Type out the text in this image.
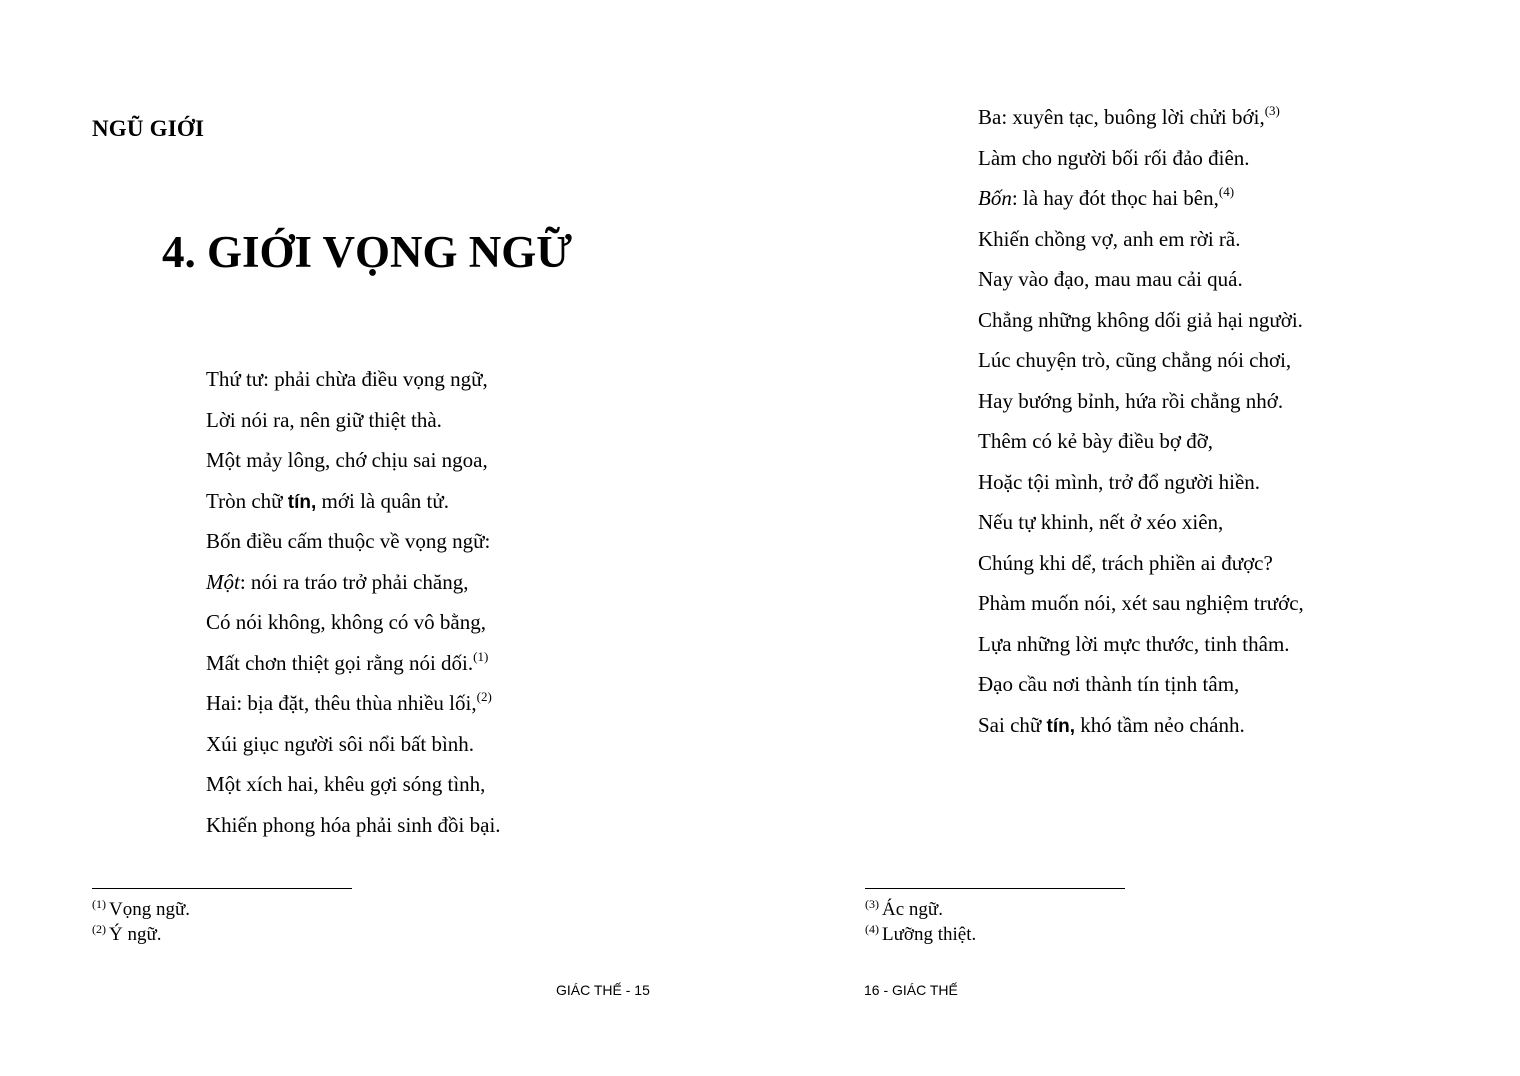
NGŨ GIỚI
4. GIỚI VỌNG NGỮ
Thứ tư: phải chừa điều vọng ngữ,
Lời nói ra, nên giữ thiệt thà.
Một mảy lông, chớ chịu sai ngoa,
Tròn chữ tín, mới là quân tử.
Bốn điều cấm thuộc về vọng ngữ:
Một: nói ra tráo trở phải chăng,
Có nói không, không có vô bằng,
Mất chơn thiệt gọi rằng nói dối.$^{(1)}$
Hai: bịa đặt, thêu thùa nhiều lối,$^{(2)}$
Xúi giục người sôi nổi bất bình.
Một xích hai, khêu gợi sóng tình,
Khiến phong hóa phải sinh đồi bại.
$^{(1)}$ Vọng ngữ.
$^{(2)}$ Ý ngữ.
GIÁC THẾ - 15
Ba: xuyên tạc, buông lời chửi bới,$^{(3)}$
Làm cho người bối rối đảo điên.
Bốn: là hay đót thọc hai bên,$^{(4)}$
Khiến chồng vợ, anh em rời rã.
Nay vào đạo, mau mau cải quá.
Chẳng những không dối giả hại người.
Lúc chuyện trò, cũng chẳng nói chơi,
Hay bướng bỉnh, hứa rồi chẳng nhớ.
Thêm có kẻ bày điều bợ đỡ,
Hoặc tội mình, trở đổ người hiền.
Nếu tự khinh, nết ở xéo xiên,
Chúng khi dể, trách phiền ai được?
Phàm muốn nói, xét sau nghiệm trước,
Lựa những lời mực thước, tinh thâm.
Đạo cầu nơi thành tín tịnh tâm,
Sai chữ tín, khó tầm nẻo chánh.
$^{(3)}$ Ác ngữ.
$^{(4)}$ Lưỡng thiệt.
16 - GIÁC THẾ
